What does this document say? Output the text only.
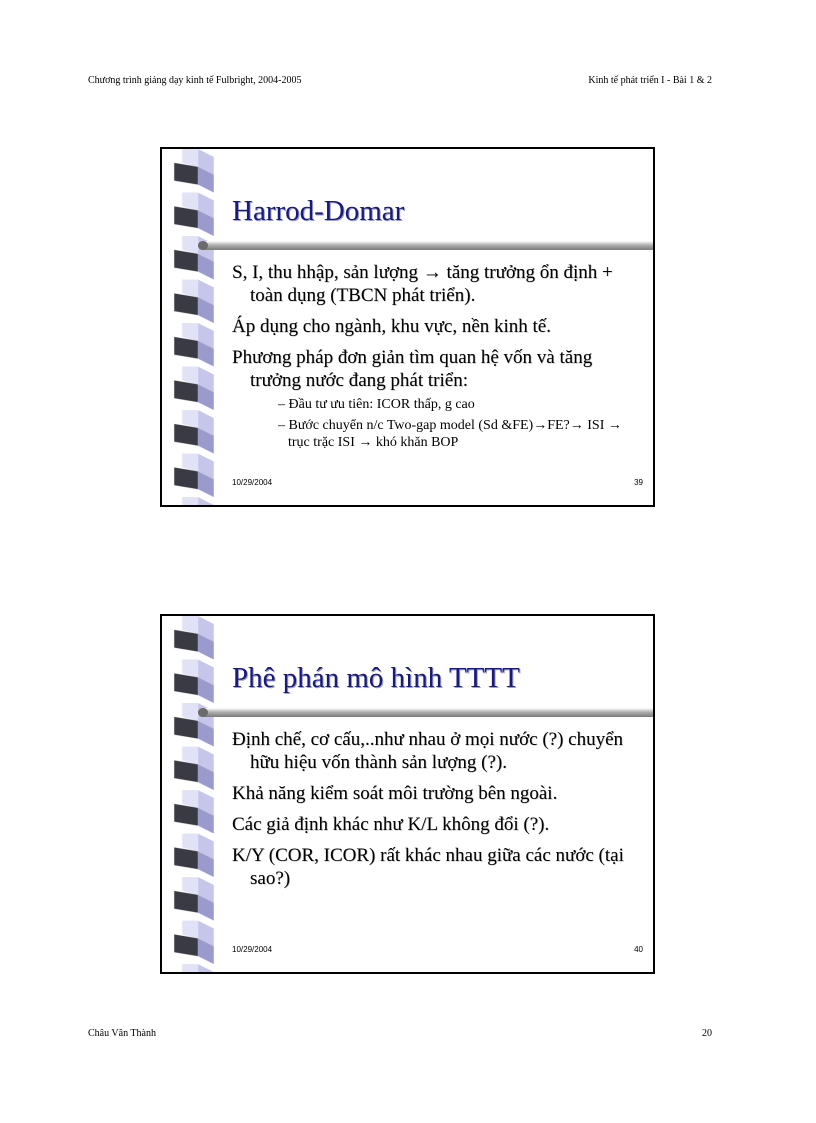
Chương trình giảng dạy kinh tế Fulbright, 2004-2005	Kinh tế phát triển I - Bài 1 & 2
Harrod-Domar
S, I, thu hhập, sản lượng → tăng trưởng ổn định + toàn dụng (TBCN phát triển).
Áp dụng cho ngành, khu vực, nền kinh tế.
Phương pháp đơn giản tìm quan hệ vốn và tăng trưởng nước đang phát triển:
– Đầu tư ưu tiên: ICOR thấp, g cao
– Bước chuyển n/c Two-gap model (Sd &FE)→FE?→ ISI → trục trặc ISI → khó khăn BOP
10/29/2004	39
Phê phán mô hình TTTT
Định chế, cơ cấu,..như nhau ở mọi nước (?) chuyển hữu hiệu vốn thành sản lượng (?).
Khả năng kiểm soát môi trường bên ngoài.
Các giả định khác như K/L không đổi (?).
K/Y (COR, ICOR) rất khác nhau giữa các nước (tại sao?)
10/29/2004	40
Châu Văn Thành	20
